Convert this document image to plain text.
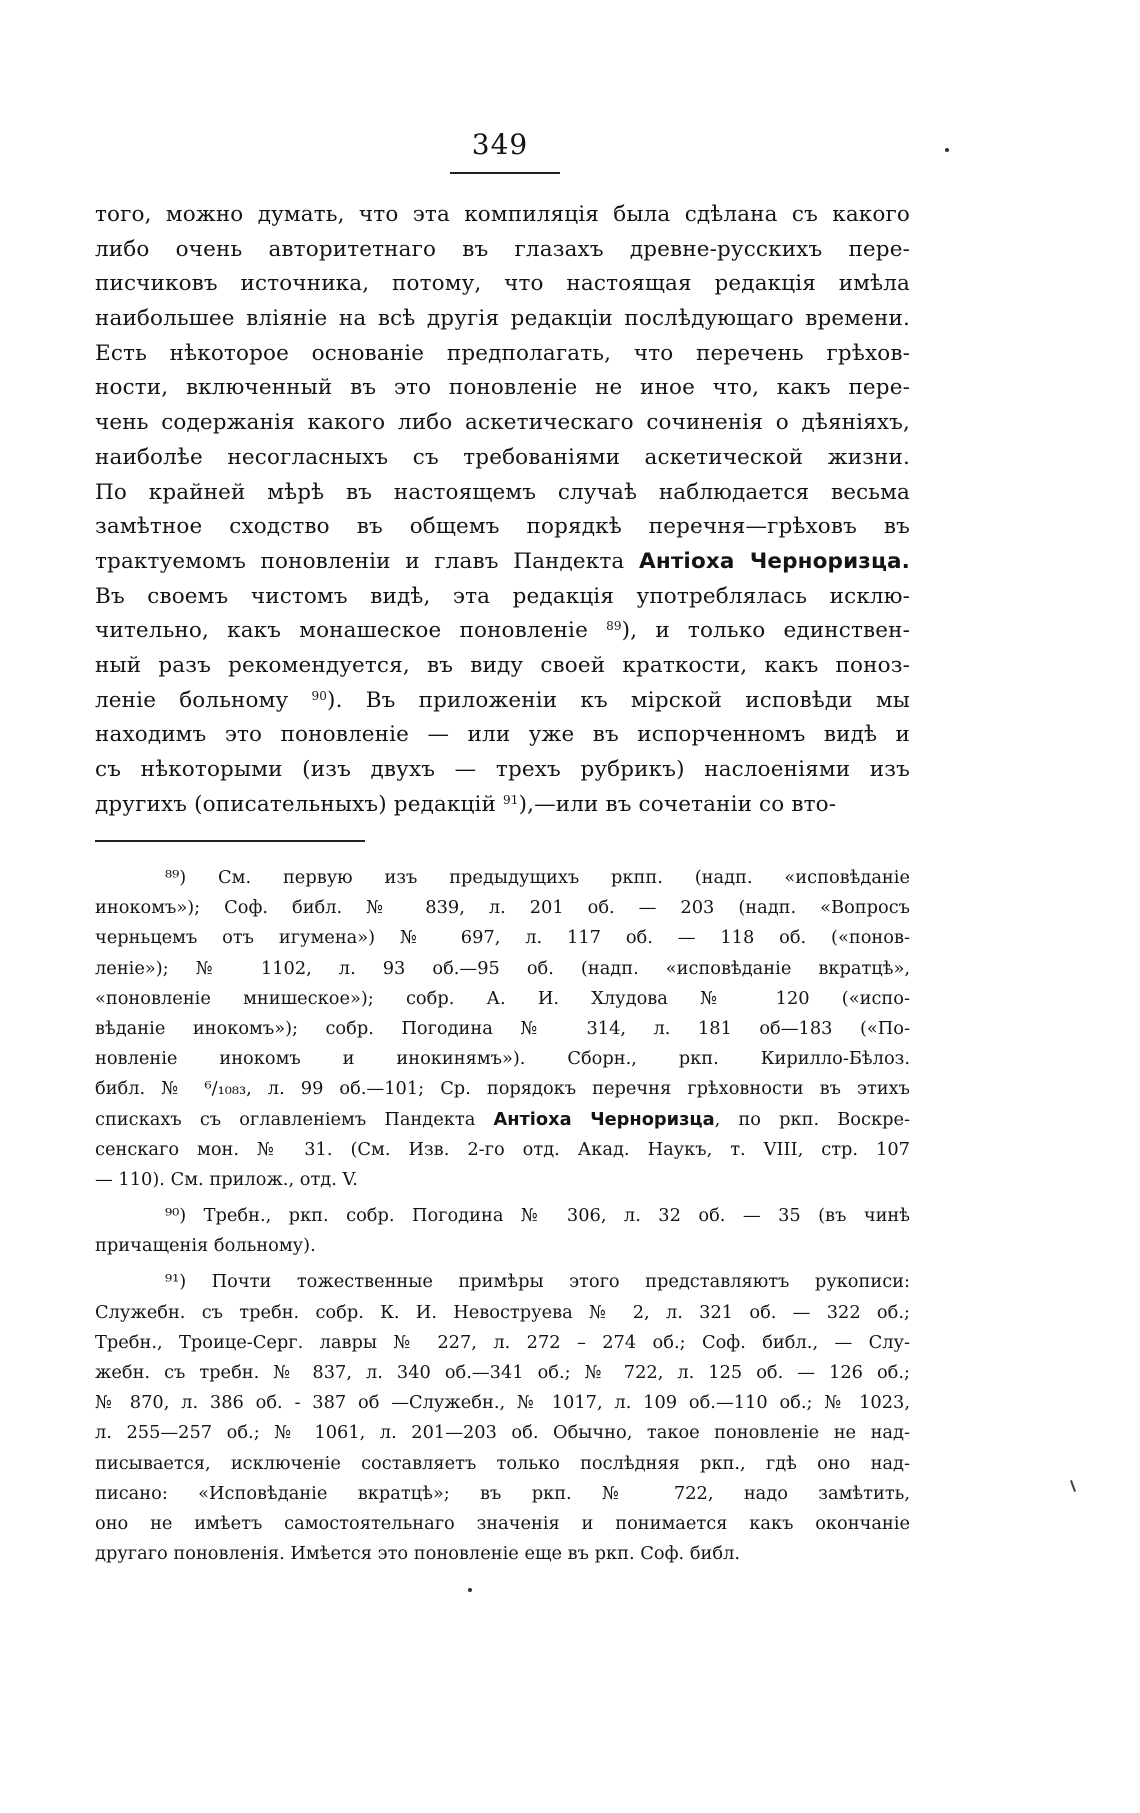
349
того, можно думать, что эта компиляція была сдѣлана съ какого
либо очень авторитетнаго въ глазахъ древне-русскихъ пере-
писчиковъ источника, потому, что настоящая редакція имѣла
наибольшее вліяніе на всѣ другія редакціи послѣдующаго времени.
Есть нѣкоторое основаніе предполагать, что перечень грѣхов-
ности, включенный въ это поновленіе не иное что, какъ пере-
чень содержанія какого либо аскетическаго сочиненія о дѣяніяхъ,
наиболѣе несогласныхъ съ требованіями аскетической жизни.
По крайней мѣрѣ въ настоящемъ случаѣ наблюдается весьма
замѣтное сходство въ общемъ порядкѣ перечня—грѣховъ въ
трактуемомъ поновленіи и главъ Пандекта Антіоха Черноризца.
Въ своемъ чистомъ видѣ, эта редакція употреблялась исклю-
чительно, какъ монашеское поновленіе $^{89}$), и только единствен-
ный разъ рекомендуется, въ виду своей краткости, какъ поноз-
леніе больному $^{90}$). Въ приложеніи къ мірской исповѣди мы
находимъ это поновленіе — или уже въ испорченномъ видѣ и
съ нѣкоторыми (изъ двухъ — трехъ рубрикъ) наслоеніями изъ
другихъ (описательныхъ) редакцій $^{91}$),—или въ сочетаніи со вто-
⁸⁹) См. первую изъ предыдущихъ ркпп. (надп. «исповѣданіе
инокомъ»); Соф. библ. № 839, л. 201 об. — 203 (надп. «Вопросъ
черньцемъ отъ игумена») № 697, л. 117 об. — 118 об. («понов-
леніе»); № 1102, л. 93 об.—95 об. (надп. «исповѣданіе вкратцѣ»,
«поновленіе мнишеское»); собр. А. И. Хлудова № 120 («испо-
вѣданіе инокомъ»); собр. Погодина № 314, л. 181 об—183 («По-
новленіе инокомъ и инокинямъ»). Сборн., ркп. Кирилло-Бѣлоз.
библ. № ⁶/₁₀₈₃, л. 99 об.—101; Ср. порядокъ перечня грѣховности въ этихъ
спискахъ съ оглавленіемъ Пандекта Антіоха Черноризца, по ркп. Воскре-
сенскаго мон. № 31. (См. Изв. 2-го отд. Акад. Наукъ, т. VIII, стр. 107
— 110). См. прилож., отд. V.
⁹⁰) Требн., ркп. собр. Погодина № 306, л. 32 об. — 35 (въ чинѣ
причащенія больному).
⁹¹) Почти тожественные примѣры этого представляютъ рукописи:
Служебн. съ требн. собр. К. И. Невоструева № 2, л. 321 об. — 322 об.;
Требн., Троице-Серг. лавры № 227, л. 272 – 274 об.; Соф. библ., — Слу-
жебн. съ требн. № 837, л. 340 об.—341 об.; № 722, л. 125 об. — 126 об.;
№ 870, л. 386 об. - 387 об —Служебн., № 1017, л. 109 об.—110 об.; № 1023,
л. 255—257 об.; № 1061, л. 201—203 об. Обычно, такое поновленіе не над-
писывается, исключеніе составляетъ только послѣдняя ркп., гдѣ оно над-
писано: «Исповѣданіе вкратцѣ»; въ ркп. № 722, надо замѣтить,
оно не имѣетъ самостоятельнаго значенія и понимается какъ окончаніе
другаго поновленія. Имѣется это поновленіе еще въ ркп. Соф. библ.
